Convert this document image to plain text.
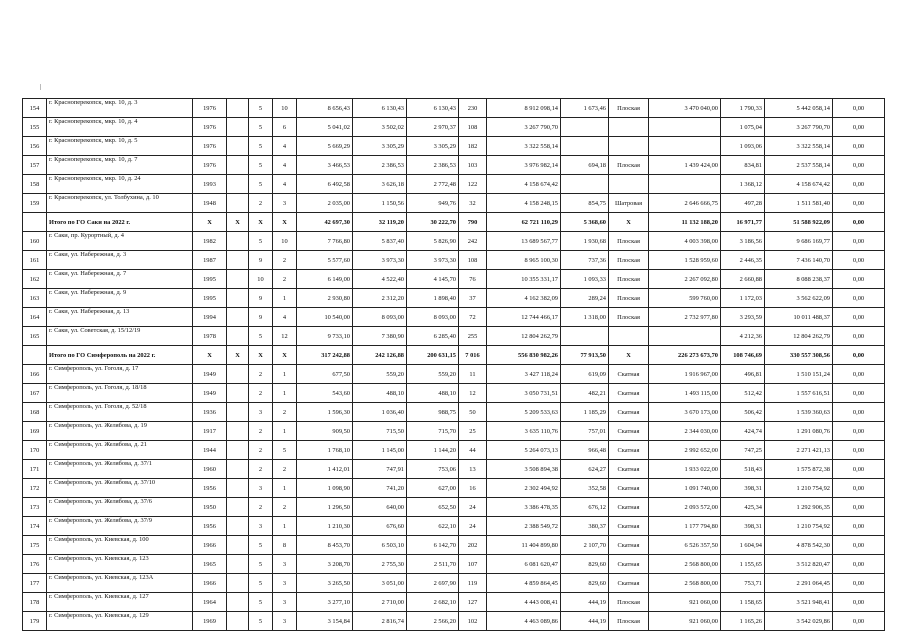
154	г. Красноперекопск, мкр. 10, д. 3	1976		5	10	8 656,43	6 130,43	6 130,43	230	8 912 098,14	1 673,46	Плоская	3 470 040,00	1 790,33	5 442 058,14	0,00
155	г. Красноперекопск, мкр. 10, д. 4	1976		5	6	5 041,02	3 502,02	2 970,37	108	3 267 790,70				1 075,04	3 267 790,70	0,00
156	г. Красноперекопск, мкр. 10, д. 5	1976		5	4	5 669,29	3 305,29	3 305,29	182	3 322 558,14				1 093,06	3 322 558,14	0,00
157	г. Красноперекопск, мкр. 10, д. 7	1976		5	4	3 466,53	2 386,53	2 386,53	103	3 976 982,14	694,18	Плоская	1 439 424,00	834,81	2 537 558,14	0,00
158	г. Красноперекопск, мкр. 10, д. 24	1993		5	4	6 492,58	3 626,18	2 772,48	122	4 158 674,42				1 368,12	4 158 674,42	0,00
159	г. Красноперекопск, ул. Толбухина, д. 10	1948		2	3	2 035,00	1 150,56	949,76	32	4 158 248,15	854,75	Шатровая	2 646 666,75	497,28	1 511 581,40	0,00
	Итого по ГО Саки на 2022 г.	X	X	X	X	42 697,30	32 119,20	30 222,70	790	62 721 110,29	5 368,60	X	11 132 188,20	16 971,77	51 588 922,09	0,00
160	г. Саки, пр. Курортный, д. 4	1982		5	10	7 766,80	5 837,40	5 826,90	242	13 689 567,77	1 930,68	Плоская	4 003 398,00	3 186,56	9 686 169,77	0,00
161	г. Саки, ул. Набережная, д. 3	1987		9	2	5 577,60	3 973,30	3 973,30	108	8 965 100,30	737,36	Плоская	1 528 959,60	2 446,35	7 436 140,70	0,00
162	г. Саки, ул. Набережная, д. 7	1995		10	2	6 149,00	4 522,40	4 145,70	76	10 355 331,17	1 093,33	Плоская	2 267 092,80	2 660,88	8 088 238,37	0,00
163	г. Саки, ул. Набережная, д. 9	1995		9	1	2 930,80	2 312,20	1 898,40	37	4 162 382,09	289,24	Плоская	599 760,00	1 172,03	3 562 622,09	0,00
164	г. Саки, ул. Набережная, д. 13	1994		9	4	10 540,00	8 093,00	8 093,00	72	12 744 466,17	1 318,00	Плоская	2 732 977,80	3 293,59	10 011 488,37	0,00
165	г. Саки, ул. Советская, д. 15/12/19	1978		5	12	9 733,10	7 380,90	6 285,40	255	12 804 262,79				4 212,36	12 804 262,79	0,00
	Итого по ГО Симферополь на 2022 г.	X	X	X	X	317 242,88	242 126,88	200 631,15	7 016	556 830 982,26	77 913,50	X	226 273 673,70	108 746,69	330 557 308,56	0,00
166	г. Симферополь, ул. Гоголя, д. 17	1949		2	1	677,50	559,20	559,20	11	3 427 118,24	619,09	Скатная	1 916 967,00	496,81	1 510 151,24	0,00
167	г. Симферополь, ул. Гоголя, д. 18/18	1949		2	1	543,60	488,10	488,10	12	3 050 731,51	482,21	Скатная	1 493 115,00	512,42	1 557 616,51	0,00
168	г. Симферополь, ул. Гоголя, д. 52/18	1936		3	2	1 596,30	1 036,40	988,75	50	5 209 533,63	1 185,29	Скатная	3 670 173,00	506,42	1 539 360,63	0,00
169	г. Симферополь, ул. Желябова, д. 19	1917		2	1	909,50	715,50	715,70	25	3 635 110,76	757,01	Скатная	2 344 030,00	424,74	1 291 080,76	0,00
170	г. Симферополь, ул. Желябова, д. 21	1944		2	5	1 768,10	1 145,00	1 144,20	44	5 264 073,13	966,48	Скатная	2 992 652,00	747,25	2 271 421,13	0,00
171	г. Симферополь, ул. Желябова, д. 37/1	1960		2	2	1 412,01	747,91	753,06	13	3 508 894,38	624,27	Скатная	1 933 022,00	518,43	1 575 872,38	0,00
172	г. Симферополь, ул. Желябова, д. 37/10	1956		3	1	1 098,90	741,20	627,00	16	2 302 494,92	352,58	Скатная	1 091 740,00	398,31	1 210 754,92	0,00
173	г. Симферополь, ул. Желябова, д. 37/6	1950		2	2	1 296,50	640,00	652,50	24	3 386 478,35	676,12	Скатная	2 093 572,00	425,34	1 292 906,35	0,00
174	г. Симферополь, ул. Желябова, д. 37/9	1956		3	1	1 210,30	676,60	622,10	24	2 388 549,72	380,37	Скатная	1 177 794,80	398,31	1 210 754,92	0,00
175	г. Симферополь, ул. Киевская, д. 100	1966		5	8	8 453,70	6 503,10	6 142,70	202	11 404 899,80	2 107,70	Скатная	6 526 357,50	1 604,94	4 878 542,30	0,00
176	г. Симферополь, ул. Киевская, д. 123	1965		5	3	3 208,70	2 755,30	2 511,70	107	6 081 620,47	829,60	Скатная	2 568 800,00	1 155,65	3 512 820,47	0,00
177	г. Симферополь, ул. Киевская, д. 123А	1966		5	3	3 265,50	3 051,00	2 697,90	119	4 859 864,45	829,60	Скатная	2 568 800,00	753,71	2 291 064,45	0,00
178	г. Симферополь, ул. Киевская, д. 127	1964		5	3	3 277,10	2 710,00	2 682,10	127	4 443 008,41	444,19	Плоская	921 060,00	1 158,65	3 521 948,41	0,00
179	г. Симферополь, ул. Киевская, д. 129	1969		5	3	3 154,84	2 816,74	2 566,20	102	4 463 089,86	444,19	Плоская	921 060,00	1 165,26	3 542 029,86	0,00
